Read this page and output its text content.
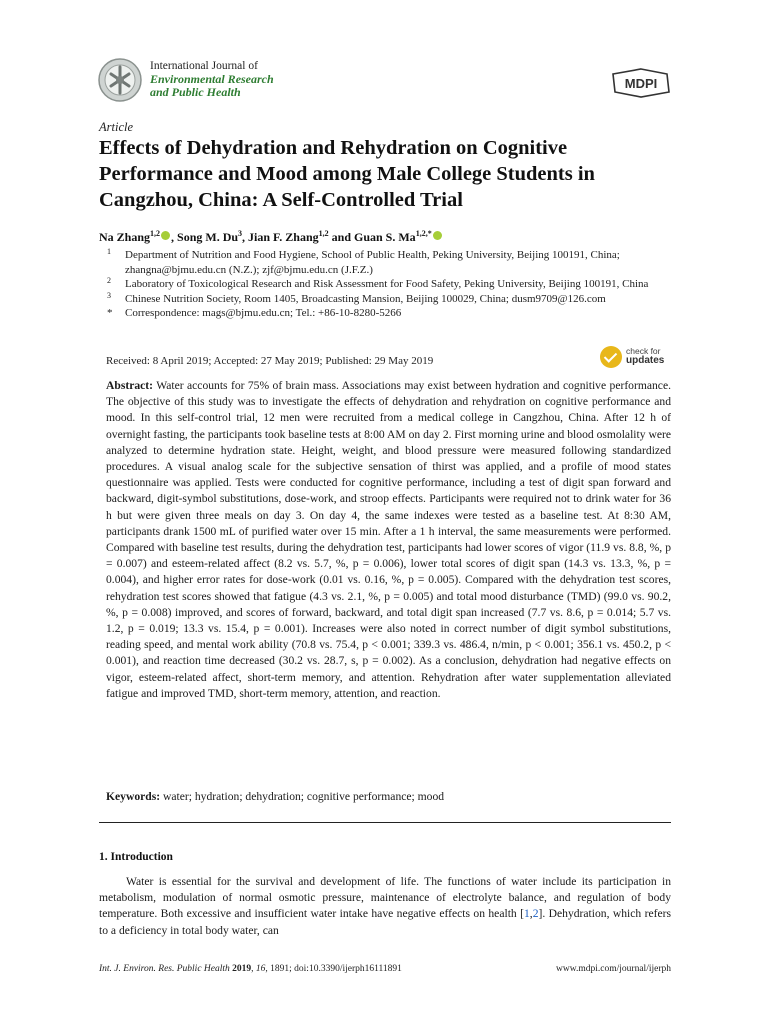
International Journal of
Environmental Research
and Public Health
MDPI
Article
Effects of Dehydration and Rehydration on Cognitive Performance and Mood among Male College Students in Cangzhou, China: A Self-Controlled Trial
Na Zhang$^{1,2}$ , Song M. Du$^3$, Jian F. Zhang$^{1,2}$ and Guan S. $Ma^{1,2,*}$
1 Department of Nutrition and Food Hygiene, School of Public Health, Peking University, Beijing 100191, China; zhangna@bjmu.edu.cn (N.Z.); zjf@bjmu.edu.cn (J.F.Z.)
2 Laboratory of Toxicological Research and Risk Assessment for Food Safety, Peking University, Beijing 100191, China
3 Chinese Nutrition Society, Room 1405, Broadcasting Mansion, Beijing 100029, China; dusm9709@126.com
* Correspondence: mags@bjmu.edu.cn; Tel.: +86-10-8280-5266
Received: 8 April 2019; Accepted: 27 May 2019; Published: 29 May 2019
check for
updates

Abstract: Water accounts for 75% of brain mass. Associations may exist between hydration and cognitive performance. The objective of this study was to investigate the effects of dehydration and rehydration on cognitive performance and mood. In this self-control trial, 12 men were recruited from a medical college in Cangzhou, China. After 12 h of overnight fasting, the participants took baseline tests at 8:00 AM on day 2. First morning urine and blood osmolality were analyzed to determine hydration state. Height, weight, and blood pressure were measured following standardized procedures. A visual analog scale for the subjective sensation of thirst was applied, and a profile of mood states questionnaire was applied. Tests were conducted for cognitive performance, including a test of digit span forward and backward, digit-symbol substitutions, dose-work, and stroop effects. Participants were required not to drink water for 36 h but were given three meals on day 3. On day 4, the same indexes were tested as a baseline test. At 8:30 AM, participants drank 1500 mL of purified water over 15 min. After a 1 h interval, the same measurements were performed. Compared with baseline test results, during the dehydration test, participants had lower scores of vigor (11.9 vs. 8.8, %, p = 0.007) and esteem-related affect (8.2 vs. 5.7, %, p = 0.006), lower total scores of digit span (14.3 vs. 13.3, %, p = 0.004), and higher error rates for dose-work (0.01 vs. 0.16, %, p = 0.005). Compared with the dehydration test scores, rehydration test scores showed that fatigue (4.3 vs. 2.1, %, p = 0.005) and total mood disturbance (TMD) (99.0 vs. 90.2, %, p = 0.008) improved, and scores of forward, backward, and total digit span increased (7.7 vs. 8.6, p = 0.014; 5.7 vs. 1.2, p = 0.019; 13.3 vs. 15.4, p = 0.001). Increases were also noted in correct number of digit symbol substitutions, reading speed, and mental work ability (70.8 vs. 75.4, p < 0.001; 339.3 vs. 486.4, n/min, p < 0.001; 356.1 vs. 450.2, p < 0.001), and reaction time decreased (30.2 vs. 28.7, s, p = 0.002). As a conclusion, dehydration had negative effects on vigor, esteem-related affect, short-term memory, and attention. Rehydration after water supplementation alleviated fatigue and improved TMD, short-term memory, attention, and reaction.

Keywords: water; hydration; dehydration; cognitive performance; mood
1. Introduction

Water is essential for the survival and development of life. The functions of water include its participation in metabolism, modulation of normal osmotic pressure, maintenance of electrolyte balance, and regulation of body temperature. Both excessive and insufficient water intake have negative effects on health [1,2]. Dehydration, which refers to a deficiency in total body water, can

Int. J. Environ. Res. Public Health 2019, 16, 1891; doi:10.3390/ijerph16111891	www.mdpi.com/journal/ijerph
